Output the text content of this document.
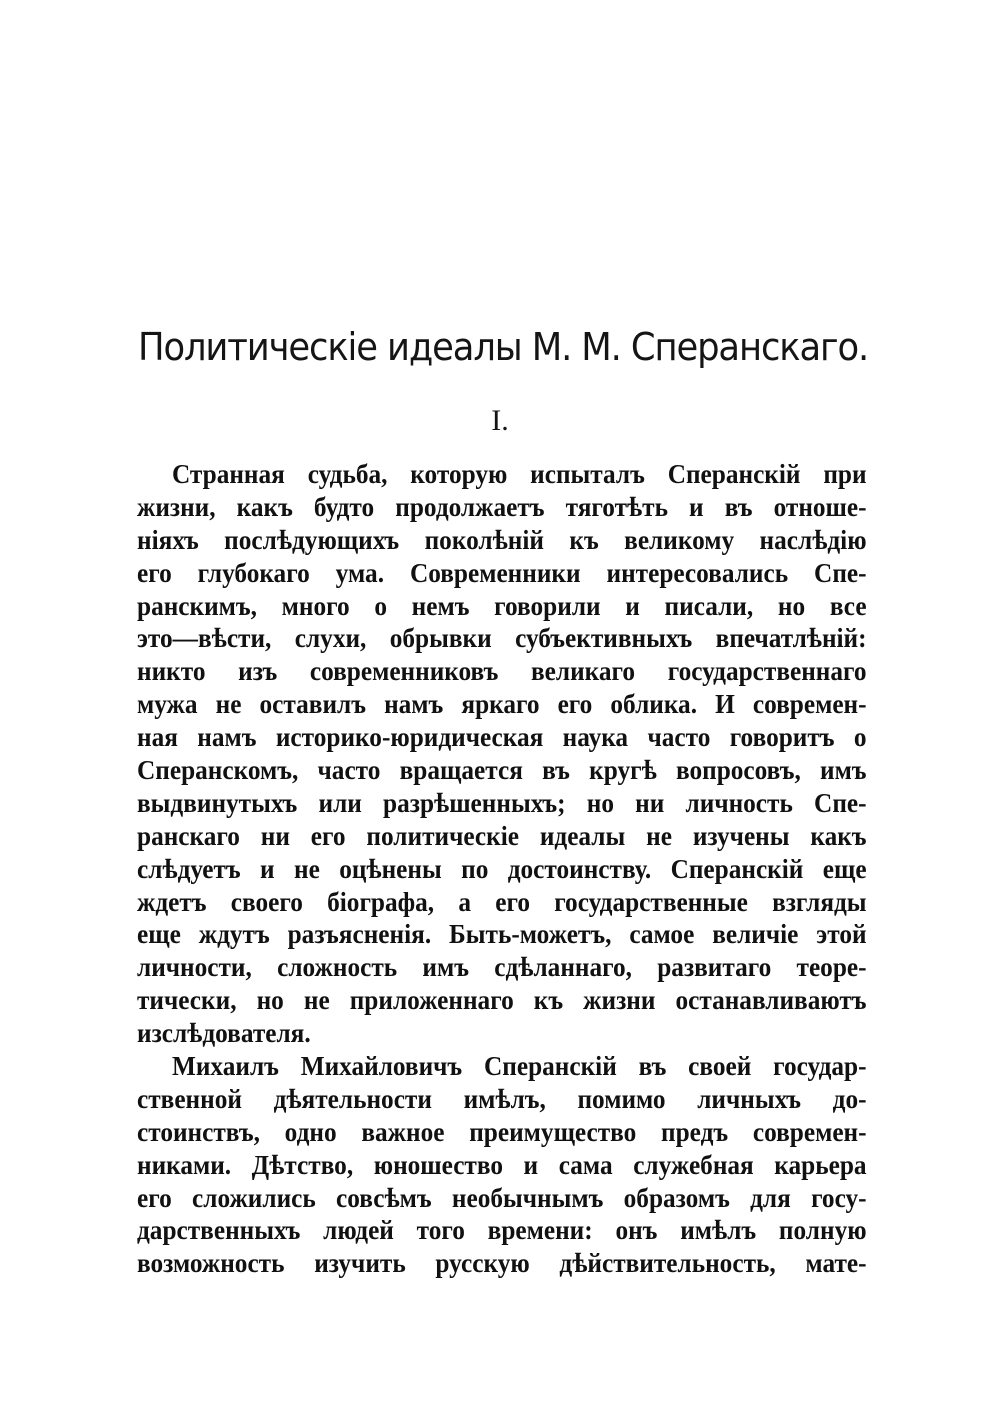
Политическіе идеалы М. М. Сперанскаго.
I.
Странная судьба, которую испыталъ Сперанскій при
жизни, какъ будто продолжаетъ тяготѣть и въ отноше-
ніяхъ послѣдующихъ поколѣній къ великому наслѣдію
его глубокаго ума. Современники интересовались Спе-
ранскимъ, много о немъ говорили и писали, но все
это—вѣсти, слухи, обрывки субъективныхъ впечатлѣній:
никто изъ современниковъ великаго государственнаго
мужа не оставилъ намъ яркаго его облика. И современ-
ная намъ историко-юридическая наука часто говоритъ о
Сперанскомъ, часто вращается въ кругѣ вопросовъ, имъ
выдвинутыхъ или разрѣшенныхъ; но ни личность Спе-
ранскаго ни его политическіе идеалы не изучены какъ
слѣдуетъ и не оцѣнены по достоинству. Сперанскій еще
ждетъ своего біографа, а его государственные взгляды
еще ждутъ разъясненія. Быть-можетъ, самое величіе этой
личности, сложность имъ сдѣланнаго, развитаго теоре-
тически, но не приложеннаго къ жизни останавливаютъ
изслѣдователя.
Михаилъ Михайловичъ Сперанскій въ своей государ-
ственной дѣятельности имѣлъ, помимо личныхъ до-
стоинствъ, одно важное преимущество предъ современ-
никами. Дѣтство, юношество и сама служебная карьера
его сложились совсѣмъ необычнымъ образомъ для госу-
дарственныхъ людей того времени: онъ имѣлъ полную
возможность изучить русскую дѣйствительность, мате-
